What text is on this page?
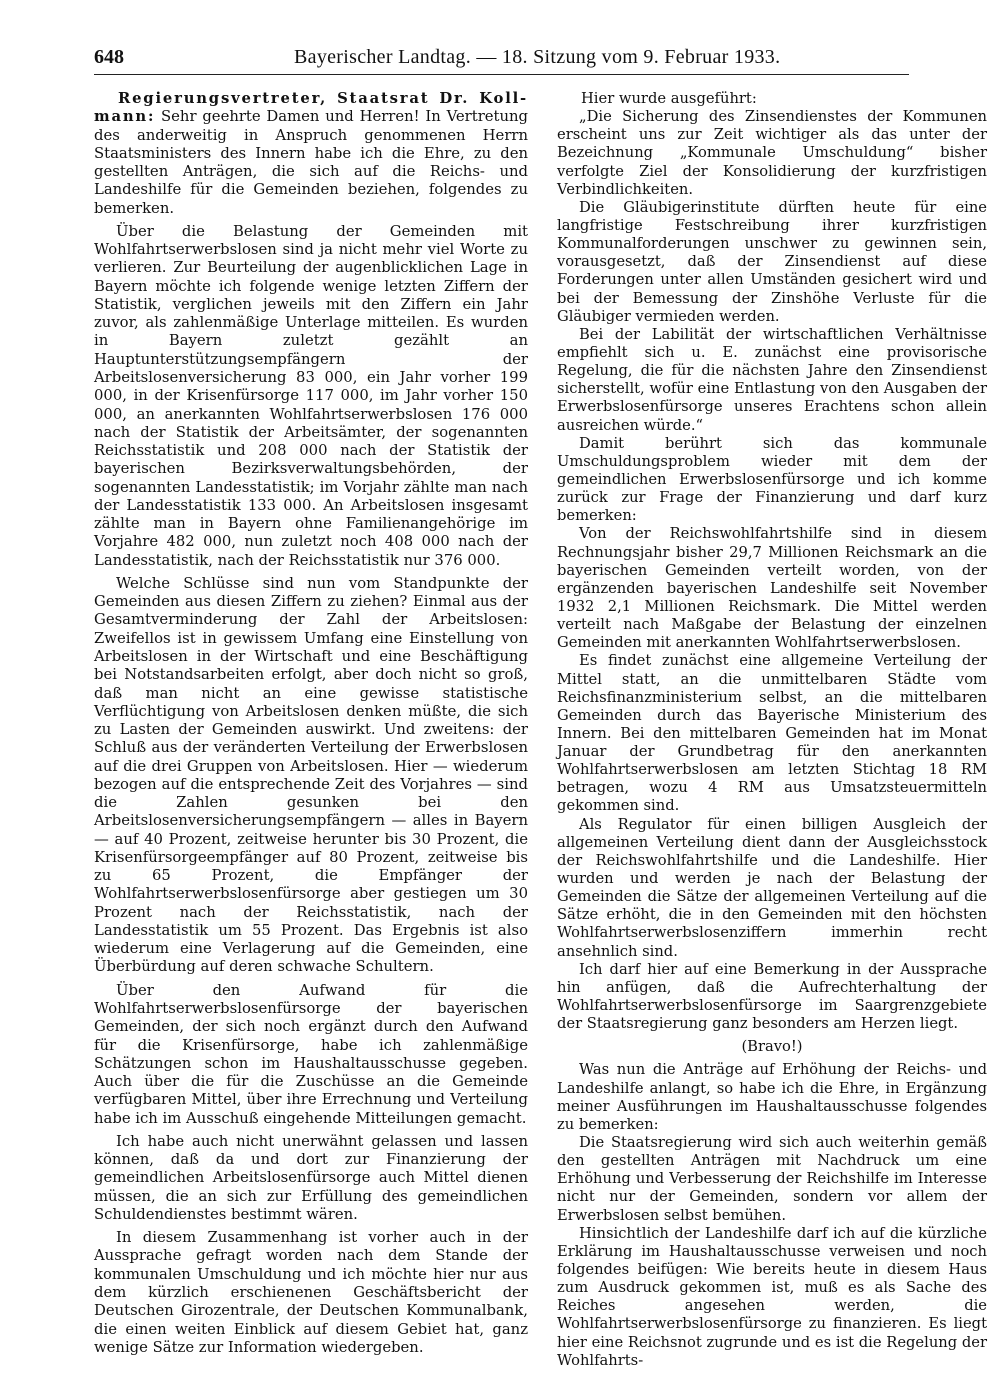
648	Bayerischer Landtag. — 18. Sitzung vom 9. Februar 1933.

Regierungsvertreter, Staatsrat Dr. Koll-mann: Sehr geehrte Damen und Herren! In Vertretung des anderweitig in Anspruch genommenen Herrn Staatsministers des Innern habe ich die Ehre, zu den gestellten Anträgen, die sich auf die Reichs- und Landeshilfe für die Gemeinden beziehen, folgendes zu bemerken.

Über die Belastung der Gemeinden mit Wohlfahrtserwerbslosen sind ja nicht mehr viel Worte zu verlieren. Zur Beurteilung der augenblicklichen Lage in Bayern möchte ich folgende wenige letzten Ziffern der Statistik, verglichen jeweils mit den Ziffern ein Jahr zuvor, als zahlenmäßige Unterlage mitteilen. Es wurden in Bayern zuletzt gezählt an Hauptunterstützungsempfängern der Arbeitslosenversicherung 83 000, ein Jahr vorher 199 000, in der Krisenfürsorge 117 000, im Jahr vorher 150 000, an anerkannten Wohlfahrtserwerbslosen 176 000 nach der Statistik der Arbeitsämter, der sogenannten Reichsstatistik und 208 000 nach der Statistik der bayerischen Bezirksverwaltungsbehörden, der sogenannten Landesstatistik; im Vorjahr zählte man nach der Landesstatistik 133 000. An Arbeitslosen insgesamt zählte man in Bayern ohne Familienangehörige im Vorjahre 482 000, nun zuletzt noch 408 000 nach der Landesstatistik, nach der Reichsstatistik nur 376 000.

Welche Schlüsse sind nun vom Standpunkte der Gemeinden aus diesen Ziffern zu ziehen? Einmal aus der Gesamtverminderung der Zahl der Arbeitslosen: Zweifellos ist in gewissem Umfang eine Einstellung von Arbeitslosen in der Wirtschaft und eine Beschäftigung bei Notstandsarbeiten erfolgt, aber doch nicht so groß, daß man nicht an eine gewisse statistische Verflüchtigung von Arbeitslosen denken müßte, die sich zu Lasten der Gemeinden auswirkt. Und zweitens: der Schluß aus der veränderten Verteilung der Erwerbslosen auf die drei Gruppen von Arbeitslosen. Hier — wiederum bezogen auf die entsprechende Zeit des Vorjahres — sind die Zahlen gesunken bei den Arbeitslosenversicherungsempfängern — alles in Bayern — auf 40 Prozent, zeitweise herunter bis 30 Prozent, die Krisenfürsorgeempfänger auf 80 Prozent, zeitweise bis zu 65 Prozent, die Empfänger der Wohlfahrtserwerbslosenfürsorge aber gestiegen um 30 Prozent nach der Reichsstatistik, nach der Landesstatistik um 55 Prozent. Das Ergebnis ist also wiederum eine Verlagerung auf die Gemeinden, eine Überbürdung auf deren schwache Schultern.

Über den Aufwand für die Wohlfahrtserwerbslosenfürsorge der bayerischen Gemeinden, der sich noch ergänzt durch den Aufwand für die Krisenfürsorge, habe ich zahlenmäßige Schätzungen schon im Haushaltausschusse gegeben. Auch über die für die Zuschüsse an die Gemeinde verfügbaren Mittel, über ihre Errechnung und Verteilung habe ich im Ausschuß eingehende Mitteilungen gemacht.

Ich habe auch nicht unerwähnt gelassen und lassen können, daß da und dort zur Finanzierung der gemeindlichen Arbeitslosenfürsorge auch Mittel dienen müssen, die an sich zur Erfüllung des gemeindlichen Schuldendienstes bestimmt wären.

In diesem Zusammenhang ist vorher auch in der Aussprache gefragt worden nach dem Stande der kommunalen Umschuldung und ich möchte hier nur aus dem kürzlich erschienenen Geschäftsbericht der Deutschen Girozentrale, der Deutschen Kommunalbank, die einen weiten Einblick auf diesem Gebiet hat, ganz wenige Sätze zur Information wiedergeben.

Hier wurde ausgeführt:

„Die Sicherung des Zinsendienstes der Kommunen erscheint uns zur Zeit wichtiger als das unter der Bezeichnung „Kommunale Umschuldung“ bisher verfolgte Ziel der Konsolidierung der kurzfristigen Verbindlichkeiten.

Die Gläubigerinstitute dürften heute für eine langfristige Festschreibung ihrer kurzfristigen Kommunalforderungen unschwer zu gewinnen sein, vorausgesetzt, daß der Zinsendienst auf diese Forderungen unter allen Umständen gesichert wird und bei der Bemessung der Zinshöhe Verluste für die Gläubiger vermieden werden.

Bei der Labilität der wirtschaftlichen Verhältnisse empfiehlt sich u. E. zunächst eine provisorische Regelung, die für die nächsten Jahre den Zinsendienst sicherstellt, wofür eine Entlastung von den Ausgaben der Erwerbslosenfürsorge unseres Erachtens schon allein ausreichen würde.“

Damit berührt sich das kommunale Umschuldungsproblem wieder mit dem der gemeindlichen Erwerbslosenfürsorge und ich komme zurück zur Frage der Finanzierung und darf kurz bemerken:

Von der Reichswohlfahrtshilfe sind in diesem Rechnungsjahr bisher 29,7 Millionen Reichsmark an die bayerischen Gemeinden verteilt worden, von der ergänzenden bayerischen Landeshilfe seit November 1932 2,1 Millionen Reichsmark. Die Mittel werden verteilt nach Maßgabe der Belastung der einzelnen Gemeinden mit anerkannten Wohlfahrtserwerbslosen.

Es findet zunächst eine allgemeine Verteilung der Mittel statt, an die unmittelbaren Städte vom Reichsfinanzministerium selbst, an die mittelbaren Gemeinden durch das Bayerische Ministerium des Innern. Bei den mittelbaren Gemeinden hat im Monat Januar der Grundbetrag für den anerkannten Wohlfahrtserwerbslosen am letzten Stichtag 18 RM betragen, wozu 4 RM aus Umsatzsteuermitteln gekommen sind.

Als Regulator für einen billigen Ausgleich der allgemeinen Verteilung dient dann der Ausgleichsstock der Reichswohlfahrtshilfe und die Landeshilfe. Hier wurden und werden je nach der Belastung der Gemeinden die Sätze der allgemeinen Verteilung auf die Sätze erhöht, die in den Gemeinden mit den höchsten Wohlfahrtserwerbslosenziffern immerhin recht ansehnlich sind.

Ich darf hier auf eine Bemerkung in der Aussprache hin anfügen, daß die Aufrechterhaltung der Wohlfahrtserwerbslosenfürsorge im Saargrenzgebiete der Staatsregierung ganz besonders am Herzen liegt.

(Bravo!)

Was nun die Anträge auf Erhöhung der Reichs- und Landeshilfe anlangt, so habe ich die Ehre, in Ergänzung meiner Ausführungen im Haushaltausschusse folgendes zu bemerken:

Die Staatsregierung wird sich auch weiterhin gemäß den gestellten Anträgen mit Nachdruck um eine Erhöhung und Verbesserung der Reichshilfe im Interesse nicht nur der Gemeinden, sondern vor allem der Erwerbslosen selbst bemühen.

Hinsichtlich der Landeshilfe darf ich auf die kürzliche Erklärung im Haushaltausschusse verweisen und noch folgendes beifügen: Wie bereits heute in diesem Haus zum Ausdruck gekommen ist, muß es als Sache des Reiches angesehen werden, die Wohlfahrtserwerbslosenfürsorge zu finanzieren. Es liegt hier eine Reichsnot zugrunde und es ist die Regelung der Wohlfahrts-
